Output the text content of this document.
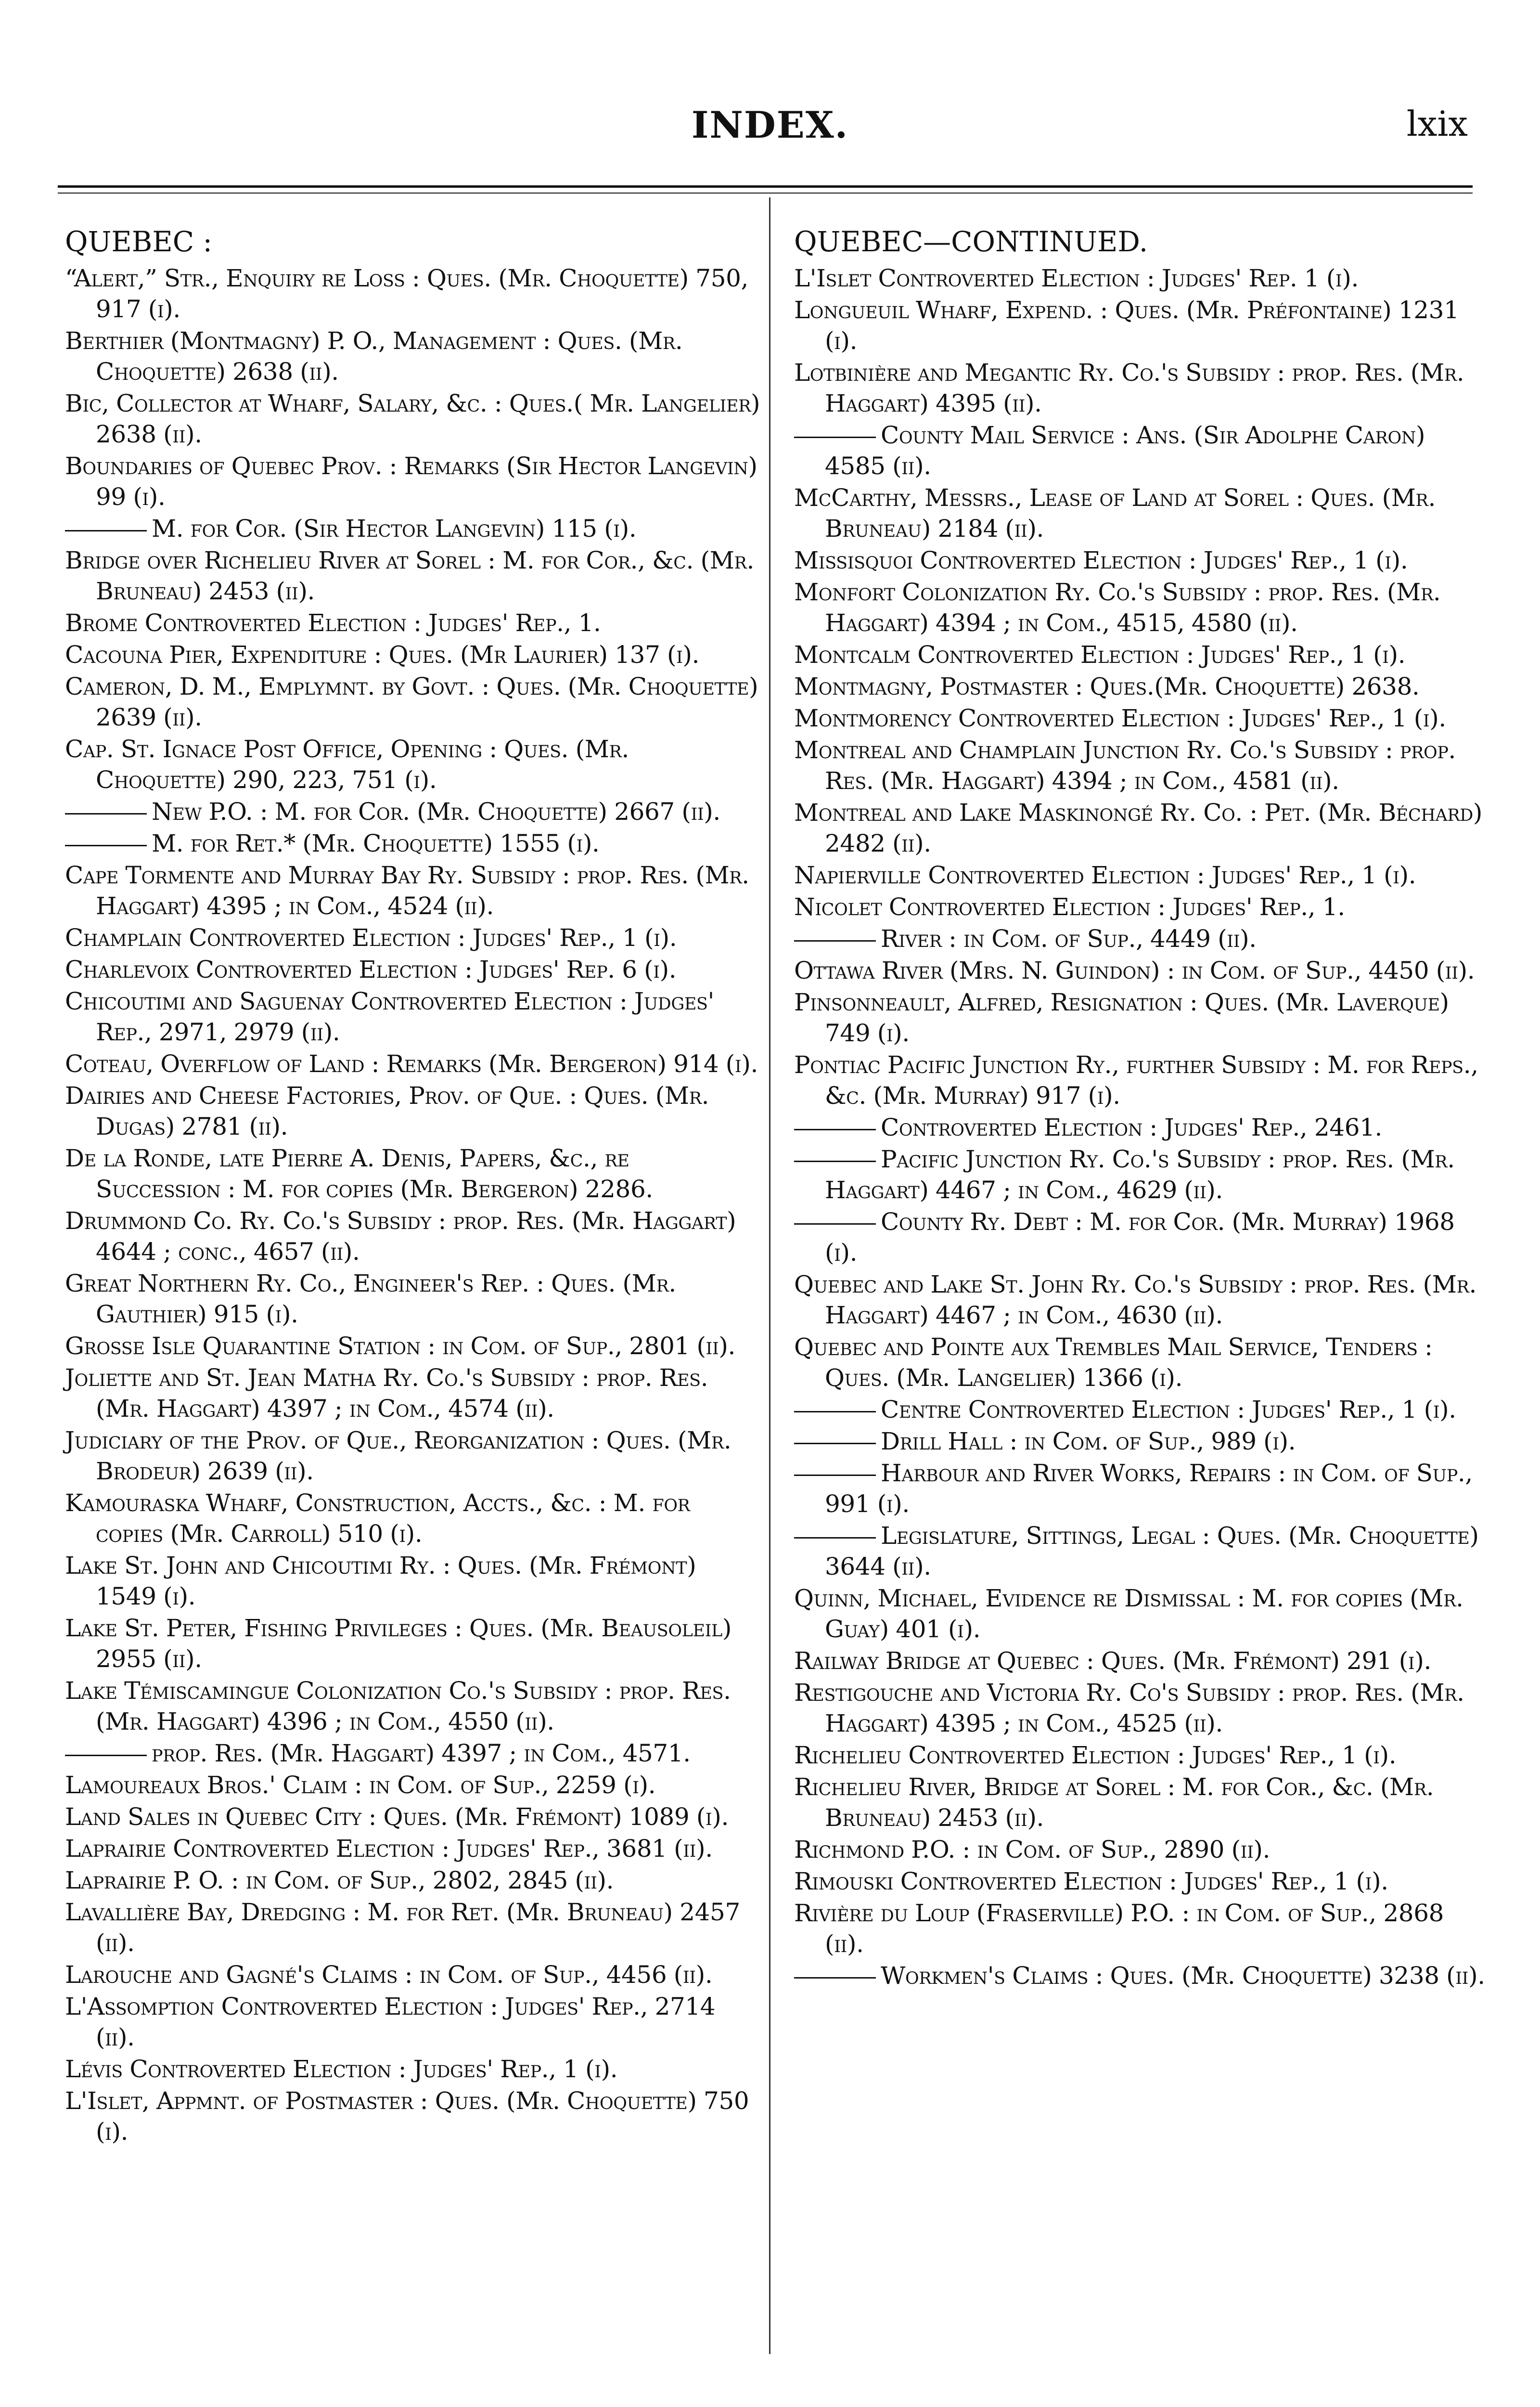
INDEX.	lxix
QUEBEC :

“Alert,” Str., Enquiry re Loss : Ques. (Mr. Choquette) 750, 917 (i).

Berthier (Montmagny) P. O., Management : Ques. (Mr. Choquette) 2638 (ii).

Bic, Collector at Wharf, Salary, &c. : Ques.( Mr. Langelier) 2638 (ii).

Boundaries of Quebec Prov. : Remarks (Sir Hector Langevin) 99 (i).

M. for Cor. (Sir Hector Langevin) 115 (i).

Bridge over Richelieu River at Sorel : M. for Cor., &c. (Mr. Bruneau) 2453 (ii).

Brome Controverted Election : Judges' Rep., 1.

Cacouna Pier, Expenditure : Ques. (Mr Laurier) 137 (i).

Cameron, D. M., Emplymnt. by Govt. : Ques. (Mr. Choquette) 2639 (ii).

Cap. St. Ignace Post Office, Opening : Ques. (Mr. Choquette) 290, 223, 751 (i).

New P.O. : M. for Cor. (Mr. Choquette) 2667 (ii).

M. for Ret.* (Mr. Choquette) 1555 (i).

Cape Tormente and Murray Bay Ry. Subsidy : prop. Res. (Mr. Haggart) 4395 ; in Com., 4524 (ii).

Champlain Controverted Election : Judges' Rep., 1 (i).

Charlevoix Controverted Election : Judges' Rep. 6 (i).

Chicoutimi and Saguenay Controverted Election : Judges' Rep., 2971, 2979 (ii).

Coteau, Overflow of Land : Remarks (Mr. Bergeron) 914 (i).

Dairies and Cheese Factories, Prov. of Que. : Ques. (Mr. Dugas) 2781 (ii).

De la Ronde, late Pierre A. Denis, Papers, &c., re Succession : M. for copies (Mr. Bergeron) 2286.

Drummond Co. Ry. Co.'s Subsidy : prop. Res. (Mr. Haggart) 4644 ; conc., 4657 (ii).

Great Northern Ry. Co., Engineer's Rep. : Ques. (Mr. Gauthier) 915 (i).

Grosse Isle Quarantine Station : in Com. of Sup., 2801 (ii).

Joliette and St. Jean Matha Ry. Co.'s Subsidy : prop. Res. (Mr. Haggart) 4397 ; in Com., 4574 (ii).

Judiciary of the Prov. of Que., Reorganization : Ques. (Mr. Brodeur) 2639 (ii).

Kamouraska Wharf, Construction, Accts., &c. : M. for copies (Mr. Carroll) 510 (i).

Lake St. John and Chicoutimi Ry. : Ques. (Mr. Frémont) 1549 (i).

Lake St. Peter, Fishing Privileges : Ques. (Mr. Beausoleil) 2955 (ii).

Lake Témiscamingue Colonization Co.'s Subsidy : prop. Res. (Mr. Haggart) 4396 ; in Com., 4550 (ii).

prop. Res. (Mr. Haggart) 4397 ; in Com., 4571.

Lamoureaux Bros.' Claim : in Com. of Sup., 2259 (i).

Land Sales in Quebec City : Ques. (Mr. Frémont) 1089 (i).

Laprairie Controverted Election : Judges' Rep., 3681 (ii).

Laprairie P. O. : in Com. of Sup., 2802, 2845 (ii).

Lavallière Bay, Dredging : M. for Ret. (Mr. Bruneau) 2457 (ii).

Larouche and Gagné's Claims : in Com. of Sup., 4456 (ii).

L'Assomption Controverted Election : Judges' Rep., 2714 (ii).

Lévis Controverted Election : Judges' Rep., 1 (i).

L'Islet, Appmnt. of Postmaster : Ques. (Mr. Choquette) 750 (i).

QUEBEC—CONTINUED.

L'Islet Controverted Election : Judges' Rep. 1 (i).

Longueuil Wharf, Expend. : Ques. (Mr. Préfontaine) 1231 (i).

Lotbinière and Megantic Ry. Co.'s Subsidy : prop. Res. (Mr. Haggart) 4395 (ii).

County Mail Service : Ans. (Sir Adolphe Caron) 4585 (ii).

McCarthy, Messrs., Lease of Land at Sorel : Ques. (Mr. Bruneau) 2184 (ii).

Missisquoi Controverted Election : Judges' Rep., 1 (i).

Monfort Colonization Ry. Co.'s Subsidy : prop. Res. (Mr. Haggart) 4394 ; in Com., 4515, 4580 (ii).

Montcalm Controverted Election : Judges' Rep., 1 (i).

Montmagny, Postmaster : Ques.(Mr. Choquette) 2638.

Montmorency Controverted Election : Judges' Rep., 1 (i).

Montreal and Champlain Junction Ry. Co.'s Subsidy : prop. Res. (Mr. Haggart) 4394 ; in Com., 4581 (ii).

Montreal and Lake Maskinongé Ry. Co. : Pet. (Mr. Béchard) 2482 (ii).

Napierville Controverted Election : Judges' Rep., 1 (i).

Nicolet Controverted Election : Judges' Rep., 1.

River : in Com. of Sup., 4449 (ii).

Ottawa River (Mrs. N. Guindon) : in Com. of Sup., 4450 (ii).

Pinsonneault, Alfred, Resignation : Ques. (Mr. Laverque) 749 (i).

Pontiac Pacific Junction Ry., further Subsidy : M. for Reps., &c. (Mr. Murray) 917 (i).

Controverted Election : Judges' Rep., 2461.

Pacific Junction Ry. Co.'s Subsidy : prop. Res. (Mr. Haggart) 4467 ; in Com., 4629 (ii).

County Ry. Debt : M. for Cor. (Mr. Murray) 1968 (i).

Quebec and Lake St. John Ry. Co.'s Subsidy : prop. Res. (Mr. Haggart) 4467 ; in Com., 4630 (ii).

Quebec and Pointe aux Trembles Mail Service, Tenders : Ques. (Mr. Langelier) 1366 (i).

Centre Controverted Election : Judges' Rep., 1 (i).

Drill Hall : in Com. of Sup., 989 (i).

Harbour and River Works, Repairs : in Com. of Sup., 991 (i).

Legislature, Sittings, Legal : Ques. (Mr. Choquette) 3644 (ii).

Quinn, Michael, Evidence re Dismissal : M. for copies (Mr. Guay) 401 (i).

Railway Bridge at Quebec : Ques. (Mr. Frémont) 291 (i).

Restigouche and Victoria Ry. Co's Subsidy : prop. Res. (Mr. Haggart) 4395 ; in Com., 4525 (ii).

Richelieu Controverted Election : Judges' Rep., 1 (i).

Richelieu River, Bridge at Sorel : M. for Cor., &c. (Mr. Bruneau) 2453 (ii).

Richmond P.O. : in Com. of Sup., 2890 (ii).

Rimouski Controverted Election : Judges' Rep., 1 (i).

Rivière du Loup (Fraserville) P.O. : in Com. of Sup., 2868 (ii).

Workmen's Claims : Ques. (Mr. Choquette) 3238 (ii).
